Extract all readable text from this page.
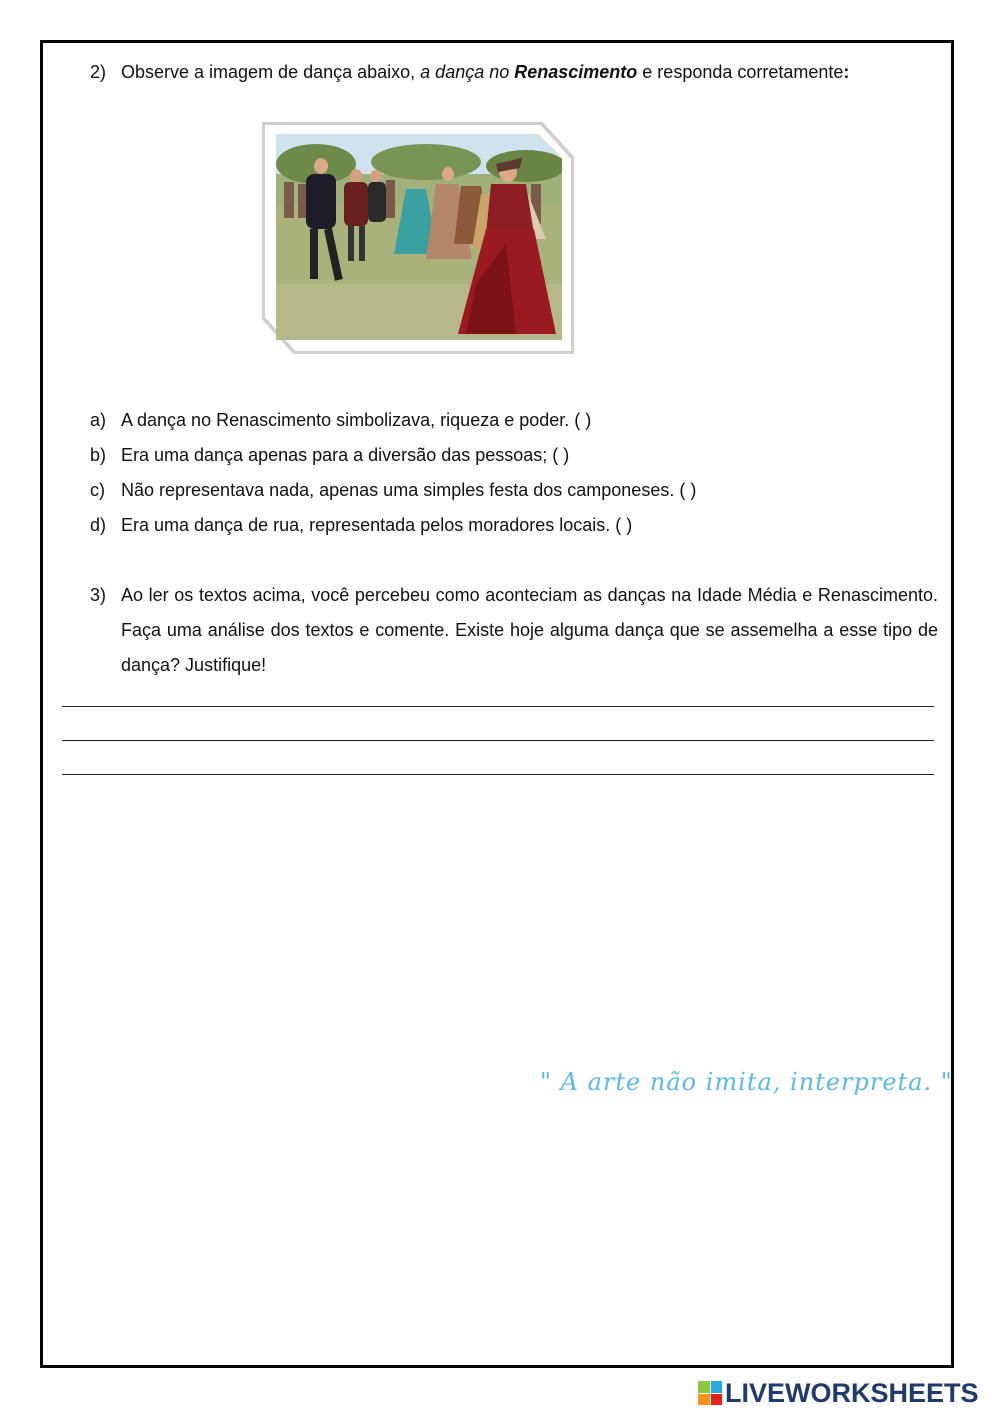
2) Observe a imagem de dança abaixo, a dança no Renascimento e responda corretamente:
a) A dança no Renascimento simbolizava, riqueza e poder. ( )
b) Era uma dança apenas para a diversão das pessoas; ( )
c) Não representava nada, apenas uma simples festa dos camponeses. ( )
d) Era uma dança de rua, representada pelos moradores locais. ( )
3) Ao ler os textos acima, você percebeu como aconteciam as danças na Idade Média e Renascimento. Faça uma análise dos textos e comente. Existe hoje alguma dança que se assemelha a esse tipo de dança? Justifique!
" A arte não imita, interpreta. "
LIVEWORKSHEETS
